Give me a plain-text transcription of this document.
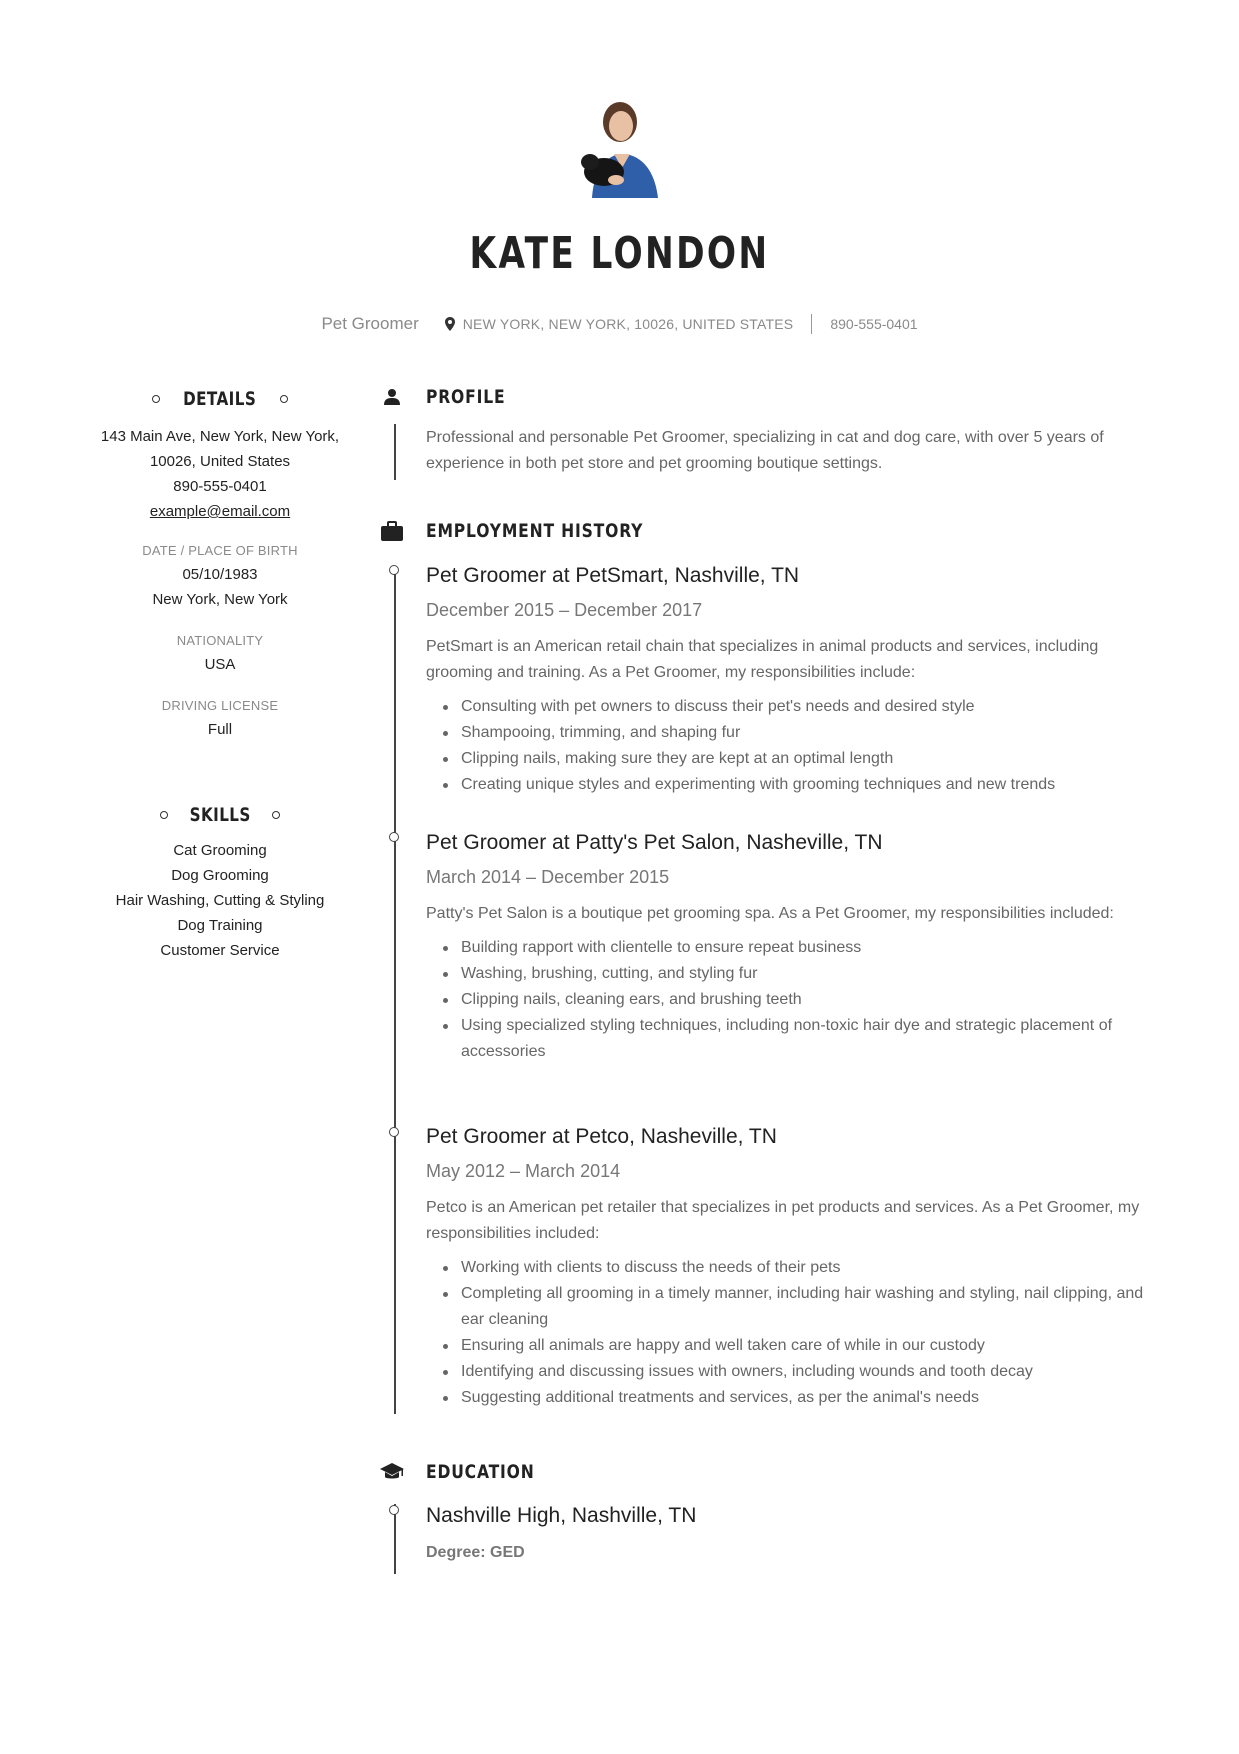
KATE LONDON
Pet Groomer	NEW YORK, NEW YORK, 10026, UNITED STATES	890-555-0401
DETAILS
143 Main Ave, New York, New York,
10026, United States
890-555-0401
example@email.com
DATE / PLACE OF BIRTH
05/10/1983
New York, New York
NATIONALITY
USA
DRIVING LICENSE
Full
SKILLS
Cat Grooming
Dog Grooming
Hair Washing, Cutting & Styling
Dog Training
Customer Service
PROFILE

Professional and personable Pet Groomer, specializing in cat and dog care, with over 5 years of experience in both pet store and pet grooming boutique settings.

EMPLOYMENT HISTORY

Pet Groomer at PetSmart, Nashville, TN

December 2015 – December 2017
PetSmart is an American retail chain that specializes in animal products and services, including grooming and training. As a Pet Groomer, my responsibilities include:
Consulting with pet owners to discuss their pet's needs and desired style
Shampooing, trimming, and shaping fur
Clipping nails, making sure they are kept at an optimal length
Creating unique styles and experimenting with grooming techniques and new trends

Pet Groomer at Patty's Pet Salon, Nasheville, TN

March 2014 – December 2015
Patty's Pet Salon is a boutique pet grooming spa. As a Pet Groomer, my responsibilities included:
Building rapport with clientelle to ensure repeat business
Washing, brushing, cutting, and styling fur
Clipping nails, cleaning ears, and brushing teeth
Using specialized styling techniques, including non-toxic hair dye and strategic placement of accessories

Pet Groomer at Petco, Nasheville, TN

May 2012 – March 2014
Petco is an American pet retailer that specializes in pet products and services. As a Pet Groomer, my responsibilities included:
Working with clients to discuss the needs of their pets
Completing all grooming in a timely manner, including hair washing and styling, nail clipping, and ear cleaning
Ensuring all animals are happy and well taken care of while in our custody
Identifying and discussing issues with owners, including wounds and tooth decay
Suggesting additional treatments and services, as per the animal's needs
EDUCATION

Nashville High, Nashville, TN

Degree: GED
